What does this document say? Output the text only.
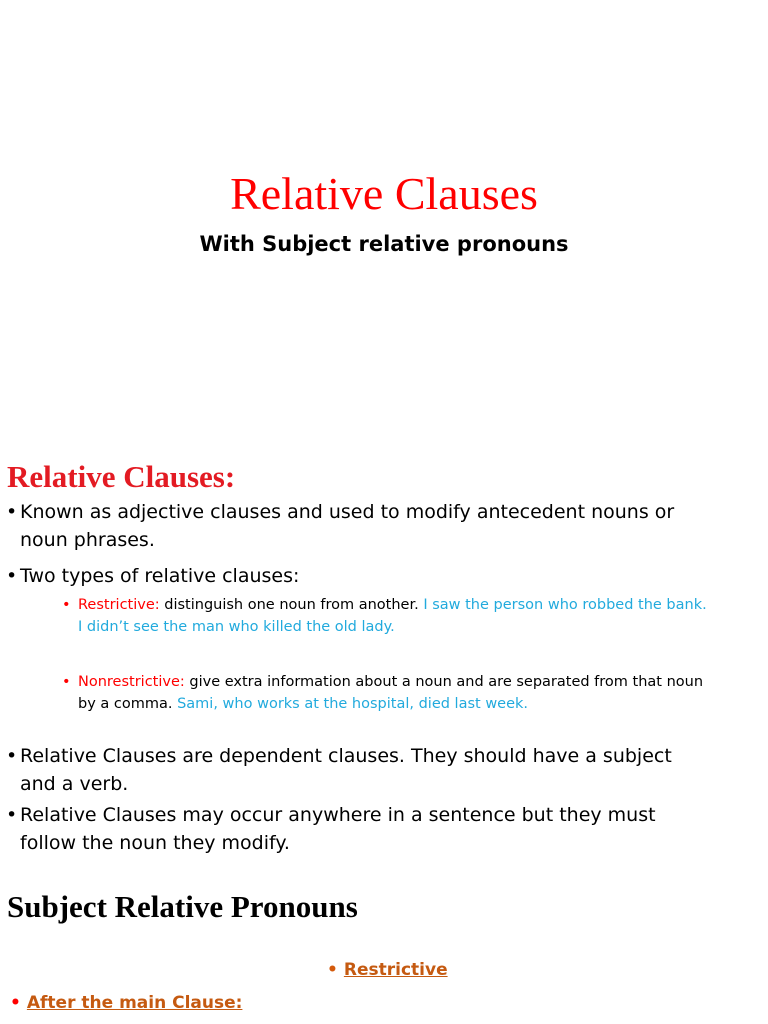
Relative Clauses
With Subject relative pronouns
Relative Clauses:
• Known as adjective clauses and used to modify antecedent nouns or
noun phrases.
• Two types of relative clauses:
• Restrictive: distinguish one noun from another. I saw the person who robbed the bank.
I didn’t see the man who killed the old lady.
• Nonrestrictive: give extra information about a noun and are separated from that noun
by a comma. Sami, who works at the hospital, died last week.
• Relative Clauses are dependent clauses. They should have a subject
and a verb.
• Relative Clauses may occur anywhere in a sentence but they must
follow the noun they modify.
Subject Relative Pronouns
• Restrictive
• After the main Clause:
